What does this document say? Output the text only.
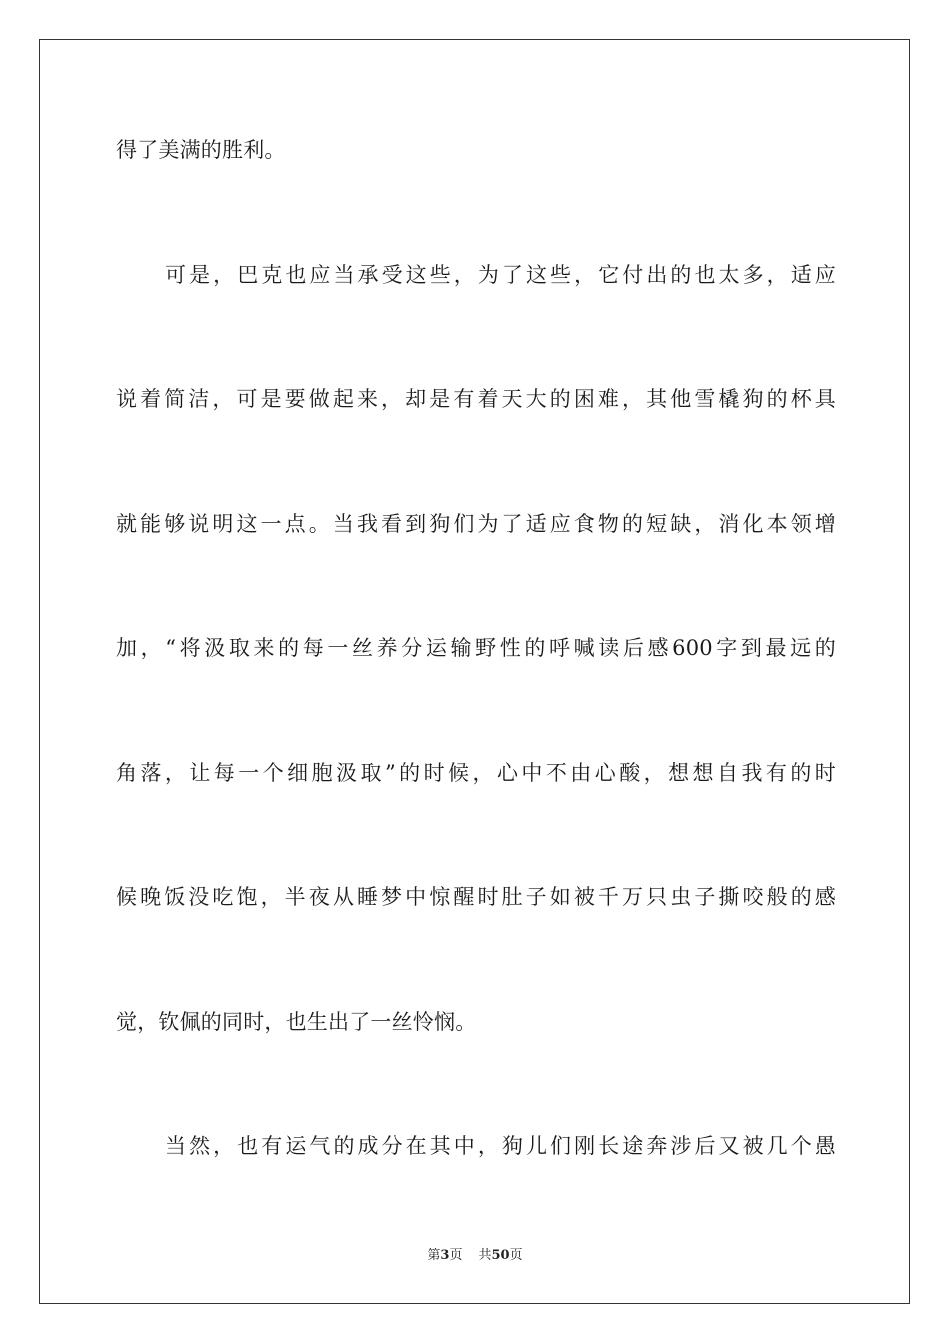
得了美满的胜利。
可是，巴克也应当承受这些，为了这些，它付出的也太多，适应
说着简洁，可是要做起来，却是有着天大的困难，其他雪橇狗的杯具
就能够说明这一点。当我看到狗们为了适应食物的短缺，消化本领增
加，“将汲取来的每一丝养分运输野性的呼喊读后感600字到最远的
角落，让每一个细胞汲取”的时候，心中不由心酸，想想自我有的时
候晚饭没吃饱，半夜从睡梦中惊醒时肚子如被千万只虫子撕咬般的感
觉，钦佩的同时，也生出了一丝怜悯。
当然，也有运气的成分在其中，狗儿们刚长途奔涉后又被几个愚
第3页 共50页
